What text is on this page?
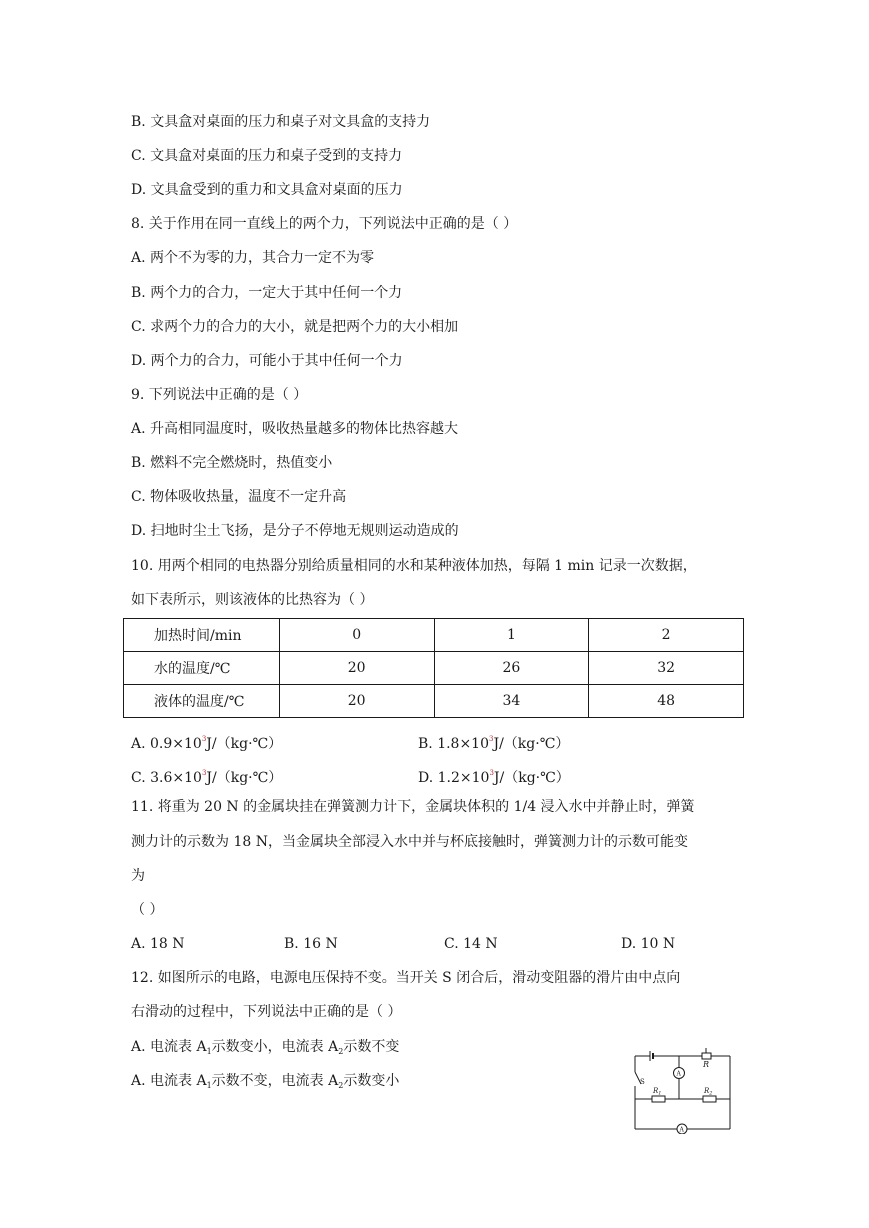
B. 文具盒对桌面的压力和桌子对文具盒的支持力
C. 文具盒对桌面的压力和桌子受到的支持力
D. 文具盒受到的重力和文具盒对桌面的压力
8. 关于作用在同一直线上的两个力，下列说法中正确的是（ ）
A. 两个不为零的力，其合力一定不为零
B. 两个力的合力，一定大于其中任何一个力
C. 求两个力的合力的大小，就是把两个力的大小相加
D. 两个力的合力，可能小于其中任何一个力
9. 下列说法中正确的是（ ）
A. 升高相同温度时，吸收热量越多的物体比热容越大
B. 燃料不完全燃烧时，热值变小
C. 物体吸收热量，温度不一定升高
D. 扫地时尘土飞扬，是分子不停地无规则运动造成的
10. 用两个相同的电热器分别给质量相同的水和某种液体加热，每隔 1 min 记录一次数据，
如下表所示，则该液体的比热容为（ ）
加热时间/min	0	1	2
水的温度/℃	20	26	32
液体的温度/℃	20	34	48
A. $0.9\times 10^3J/(kg\cdot℃)$	B. $1.8\times 10^3J/(kg\cdot℃)$
C. $3.6\times 10^3J/(kg\cdot℃)$	D. $1.2\times 10^3J/(kg\cdot℃)$
11. 将重为 20 N 的金属块挂在弹簧测力计下，金属块体积的 1/4 浸入水中并静止时，弹簧
测力计的示数为 18 N，当金属块全部浸入水中并与杯底接触时，弹簧测力计的示数可能变
为
（ ）
A. 18 N	B. 16 N	C. 14 N	D. 10 N
12. 如图所示的电路，电源电压保持不变。当开关 S 闭合后，滑动变阻器的滑片由中点向
右滑动的过程中，下列说法中正确的是（ ）
A. 电流表 $A_1$示数变小，电流表 $A_2$示数不变
A. 电流表 $A_1$示数不变，电流表 $A_2$示数变小
R
S
$R_1$	$R_2$
A
A
